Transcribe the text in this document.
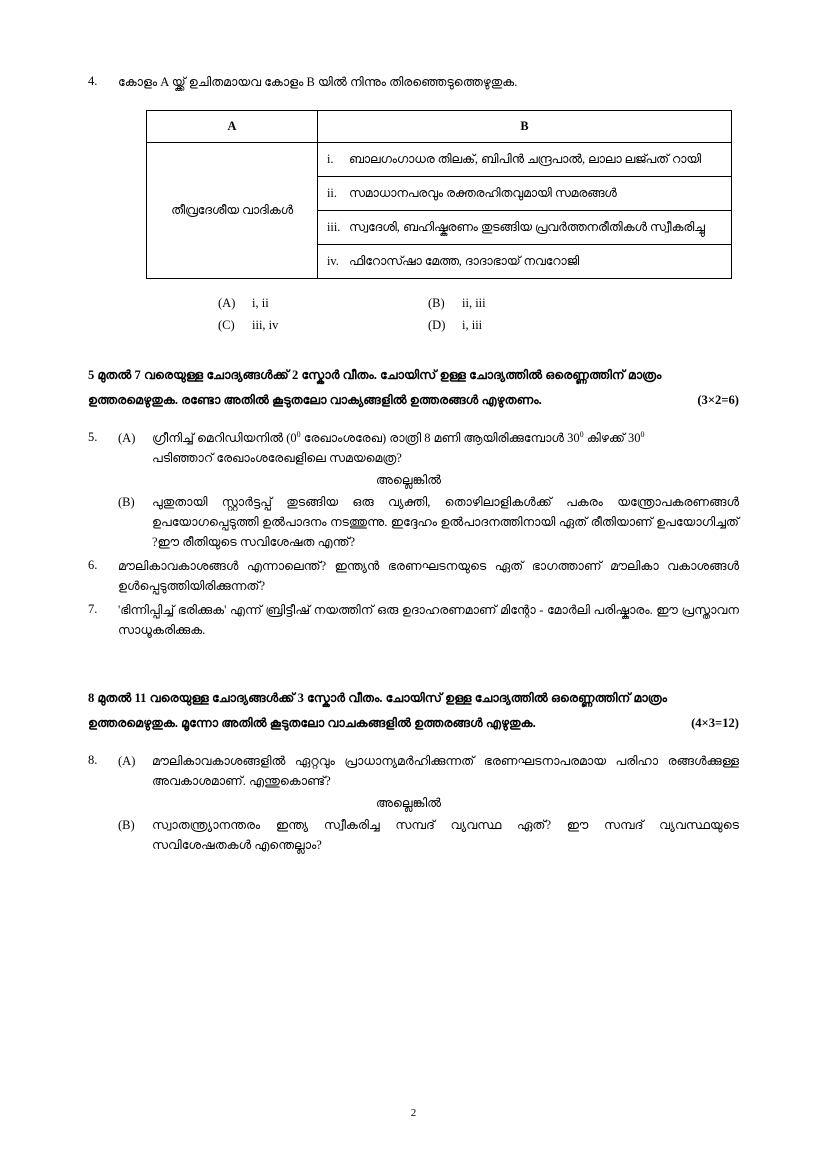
4.	കോളം A യ്ക്ക് ഉചിതമായവ കോളം B യിൽ നിന്നും തിരഞ്ഞെടുത്തെഴുതുക.
A	B
തീവ്രദേശീയ വാദികൾ	i. ബാലഗംഗാധര തിലക്, ബിപിൻ ചന്ദ്രപാൽ, ലാലാ ലജ്പത് റായി
	ii. സമാധാനപരവും രക്തരഹിതവുമായി സമരങ്ങൾ

	iii. സ്വദേശി, ബഹിഷ്കരണം തുടങ്ങിയ പ്രവർത്തനരീതികൾ സ്വീകരിച്ചു

	iv. ഫിറോസ്ഷാ മേത്ത, ദാദാഭായ് നവറോജി
(A)	i, ii	(B)	ii, iii
(C)	iii, iv	(D)	i, iii
5 മുതൽ 7 വരെയുള്ള ചോദ്യങ്ങൾക്ക് 2 സ്കോർ വീതം. ചോയിസ് ഉള്ള ചോദ്യത്തിൽ ഒരെണ്ണത്തിന് മാത്രം
ഉത്തരമെഴുതുക. രണ്ടോ അതിൽ കൂടുതലോ വാക്യങ്ങളിൽ ഉത്തരങ്ങൾ എഴുതണം.	(3×2=6)
5.	(A)	ഗ്രീനിച്ച് മെറിഡിയനിൽ ($0^0$ രേഖാംശരേഖ) രാത്രി 8 മണി ആയിരിക്കുമ്പോൾ $30^0$ കിഴക്ക് $30^0$
പടിഞ്ഞാറ് രേഖാംശരേഖളിലെ സമയമെത്ര?
അല്ലെങ്കിൽ
(B)	പുതുതായി സ്റ്റാർട്ടപ്പ് തുടങ്ങിയ ഒരു വ്യക്തി, തൊഴിലാളികൾക്ക് പകരം യന്ത്രോപകരണങ്ങൾ ഉപയോഗപ്പെടുത്തി ഉൽപാദനം നടത്തുന്നു. ഇദ്ദേഹം ഉൽപാദനത്തിനായി ഏത് രീതിയാണ് ഉപയോഗിച്ചത് ?ഈ രീതിയുടെ സവിശേഷത എന്ത്?
6.	മൗലികാവകാശങ്ങൾ എന്നാലെന്ത്? ഇന്ത്യൻ ഭരണഘടനയുടെ ഏത് ഭാഗത്താണ് മൗലികാ വകാശങ്ങൾ ഉൾപ്പെടുത്തിയിരിക്കുന്നത്?
7.	'ഭിന്നിപ്പിച്ച് ഭരിക്കുക' എന്ന് ബ്രിട്ടീഷ് നയത്തിന് ഒരു ഉദാഹരണമാണ് മിന്റോ - മോർലി പരിഷ്കാരം. ഈ പ്രസ്താവന സാധൂകരിക്കുക.
8 മുതൽ 11 വരെയുള്ള ചോദ്യങ്ങൾക്ക് 3 സ്കോർ വീതം. ചോയിസ് ഉള്ള ചോദ്യത്തിൽ ഒരെണ്ണത്തിന് മാത്രം
ഉത്തരമെഴുതുക. മൂന്നോ അതിൽ കൂടുതലോ വാചകങ്ങളിൽ ഉത്തരങ്ങൾ എഴുതുക.	(4×3=12)
8.	(A)	മൗലികാവകാശങ്ങളിൽ ഏറ്റവും പ്രാധാന്യമർഹിക്കുന്നത് ഭരണഘടനാപരമായ പരിഹാ രങ്ങൾക്കുള്ള അവകാശമാണ്. എന്തുകൊണ്ട്?
അല്ലെങ്കിൽ
(B)	സ്വാതന്ത്ര്യാനന്തരം ഇന്ത്യ സ്വീകരിച്ച സമ്പദ് വ്യവസ്ഥ ഏത്? ഈ സമ്പദ് വ്യവസ്ഥയുടെ സവിശേഷതകൾ എന്തെല്ലാം?
2
